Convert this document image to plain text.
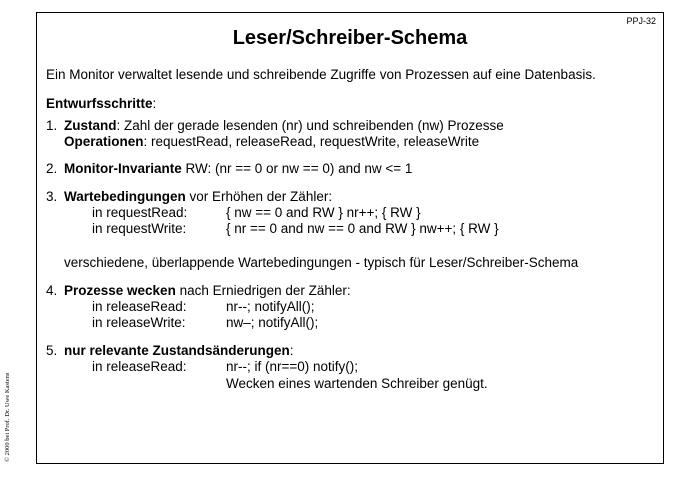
PPJ-32
Leser/Schreiber-Schema
Ein Monitor verwaltet lesende und schreibende Zugriffe von Prozessen auf eine Datenbasis.
Entwurfsschritte:
1. Zustand: Zahl der gerade lesenden (nr) und schreibenden (nw) Prozesse
Operationen: requestRead, releaseRead, requestWrite, releaseWrite
2. Monitor-Invariante RW: (nr == 0 or nw == 0) and nw <= 1
3. Wartebedingungen vor Erhöhen der Zähler:
in requestRead:	{ nw == 0 and RW } nr++; { RW }
in requestWrite:	{ nr == 0 and nw == 0 and RW } nw++; { RW }
verschiedene, überlappende Wartebedingungen - typisch für Leser/Schreiber-Schema
4. Prozesse wecken nach Erniedrigen der Zähler:
in releaseRead:	nr--; notifyAll();
in releaseWrite:	nw–; notifyAll();
5. nur relevante Zustandsänderungen:
in releaseRead:	nr--; if (nr==0) notify();
Wecken eines wartenden Schreiber genügt.
© 2000 bei Prof. Dr. Uwe Kastens
